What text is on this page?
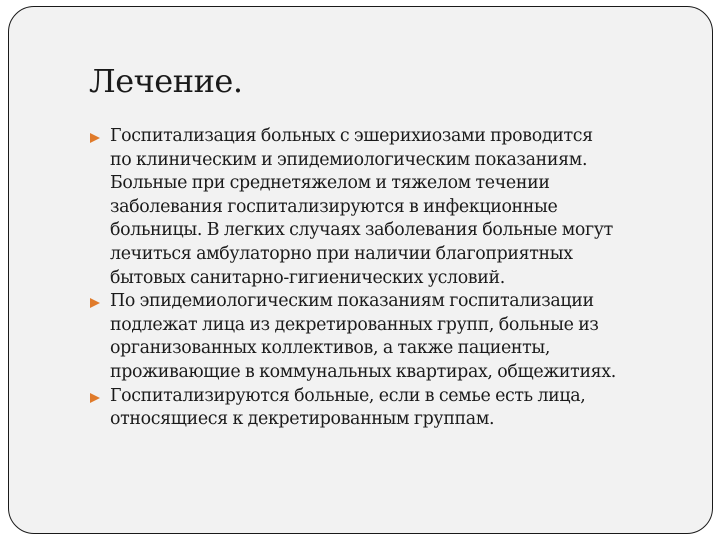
Лечение.
Госпитализация больных с эшерихиозами проводится
по клиническим и эпидемиологическим показаниям.
Больные при среднетяжелом и тяжелом течении
заболевания госпитализируются в инфекционные
больницы. В легких случаях заболевания больные могут
лечиться амбулаторно при наличии благоприятных
бытовых санитарно-гигиенических условий.
По эпидемиологическим показаниям госпитализации
подлежат лица из декретированных групп, больные из
организованных коллективов, а также пациенты,
проживающие в коммунальных квартирах, общежитиях.
Госпитализируются больные, если в семье есть лица,
относящиеся к декретированным группам.
